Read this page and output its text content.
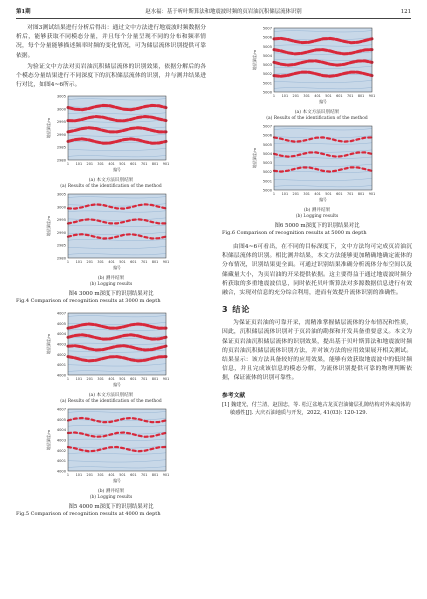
第1期	赵水福：基于听叶斯算法和地震波时频的页岩油沉积储层流体识别	121

对图3测试结果进行分析后得出：通过文中方法进行地震波时频数据分析后，能够获取不同模态分量，并且每个分量呈现不同的分布和频率情况，每个分量能够描述频率时频的变化情况，可为储层流体识别提供可靠依据。

为验证文中方法对页岩油沉积储层流体的识别效果，依据分解后的各个模态分量结果进行不同深度下的沉积储层流体的识别，并与测井结果进行对比，如图4~6所示。

3005
3000
2995
2990
2985
2980
地层深度/m
1 101 201 301 401 501 601 701 801 901
编号
(a) 本文方法识别结果
(a) Results of the identification of the method
3005
3000
2995
2990
2985
2980
地层深度/m
1 101 201 301 401 501 601 701 801 901
编号
(b) 测井结果
(b) Logging results
图4 3000 m深度下的识别结果对比
Fig.4 Comparison of recognition results at 3000 m depth
4007
4005
4004
4003
4002
4001
4000
地层深度/m
1 101 201 301 401 501 601 701 801 901
编号
(a) 本文方法识别结果
(a) Results of the identification of the method
4007
4005
4004
4003
4002
4001
4000
地层深度/m
1 101 201 301 401 501 601 701 801 901
编号
(b) 测井结果
(b) Logging results
图5 4000 m深度下的识别结果对比
Fig.5 Comparison of recognition results at 4000 m depth
5007
5006
5005
5004
5003
5002
5001
5000
地层深度/m
1 101 201 301 401 501 601 701 801 901
编号
(a) 本文方法识别结果
(a) Results of the identification of the method
5007
5006
5005
5004
5003
5002
5001
5000
地层深度/m
1 101 201 301 401 501 601 701 801 901
编号
(b) 测井结果
(b) Logging results
图6 5000 m深度下的识别结果对比
Fig.6 Comparison of recognition results at 5000 m depth

由图4~6可看出，在不同的目标深度下，文中方法均可完成页岩油沉积储层流体的识别。相比测井结果，本文方法能够更加精确地确定流体的分布情况，识别结果更全面。可通过识别结果准确分析流体分布空间以及储藏量大小，为页岩油的开采提供依据。这主要得益于通过地震波时频分析获取的多重地震波信息，同时依托贝叶斯算法对多源数据信息进行有效融合，实现对信息的充分综合利用，进而有效提升流体识别的准确性。

3 结论

为保证页岩油的可靠开采，需精准掌握储层流体的分布情况和性质，因此，沉积储层流体识别对于页岩油的勘探和开发具备重要意义。本文为保证页岩油沉积储层流体的识别效果，提出基于贝叶斯算法和地震波时频的页岩油沉积储层流体识别方法，并对该方法的应用效果展开相关测试。结果显示：该方法具备较好的应用效果，能够有效获取地震波中的低时频信息，并且完成该信息的模态分解，为流体识别提供可靠的物理判断依据，保证流体的识别可靠性。

参考文献
[1] 魏建光，付兰清，赵国忠，等. 松辽盆地古龙页岩油储层孔隙结构对外来流体的敏感性[J]. 大庆石油地质与开发，2022, 41(03): 120-129.
